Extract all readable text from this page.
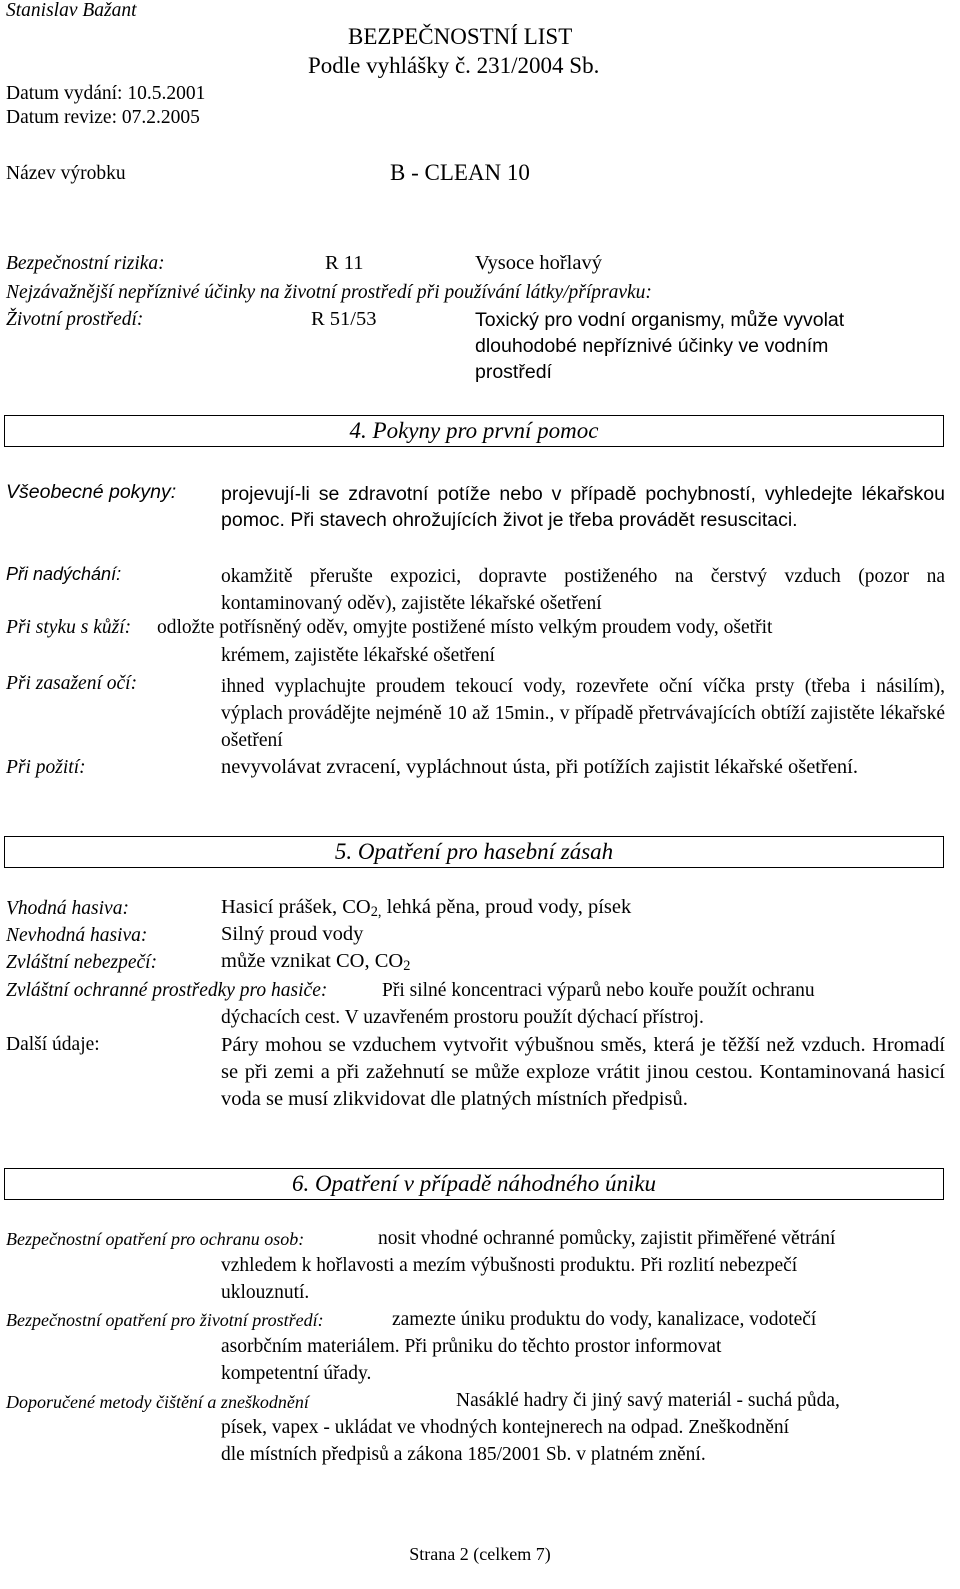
Stanislav Bažant
BEZPEČNOSTNÍ LIST
Podle vyhlášky č. 231/2004 Sb.
Datum vydání: 10.5.2001
Datum revize: 07.2.2005
Název výrobku	B - CLEAN 10
Bezpečnostní rizika:	R 11	Vysoce hořlavý
Nejzávažnější nepříznivé účinky na životní prostředí při používání látky/přípravku:
Životní prostředí:	R 51/53	Toxický pro vodní organismy, může vyvolat
dlouhodobé nepříznivé účinky ve vodním
prostředí
4. Pokyny pro první pomoc
Všeobecné pokyny: projevují-li se zdravotní potíže nebo v případě pochybností, vyhledejte lékařskou pomoc. Při stavech ohrožujících život je třeba provádět resuscitaci.
Při nadýchání:	okamžitě přerušte expozici, dopravte postiženého na čerstvý vzduch (pozor na kontaminovaný oděv), zajistěte lékařské ošetření
Při styku s kůží: odložte potřísněný oděv, omyjte postižené místo velkým proudem vody, ošetřit
krémem, zajistěte lékařské ošetření
Při zasažení očí:	ihned vyplachujte proudem tekoucí vody, rozevřete oční víčka prsty (třeba i násilím), výplach provádějte nejméně 10 až 15min., v případě přetrvávajících obtíží zajistěte lékařské ošetření
Při požití:	nevyvolávat zvracení, vypláchnout ústa, při potížích zajistit lékařské ošetření.
5. Opatření pro hasební zásah
Vhodná hasiva:	Hasicí prášek, $CO_{2,}$ lehká pěna, proud vody, písek
Nevhodná hasiva:	Silný proud vody
Zvláštní nebezpečí:	může vznikat CO, $CO_2$
Zvláštní ochranné prostředky pro hasiče:	Při silné koncentraci výparů nebo kouře použít ochranu
dýchacích cest. V uzavřeném prostoru použít dýchací přístroj.
Další údaje:	Páry mohou se vzduchem vytvořit výbušnou směs, která je těžší než vzduch. Hromadí se při zemi a při zažehnutí se může exploze vrátit jinou cestou. Kontaminovaná hasicí voda se musí zlikvidovat dle platných místních předpisů.
6. Opatření v případě náhodného úniku
Bezpečnostní opatření pro ochranu osob:	nosit vhodné ochranné pomůcky, zajistit přiměřené větrání
vzhledem k hořlavosti a mezím výbušnosti produktu. Při rozlití nebezpečí
uklouznutí.
Bezpečnostní opatření pro životní prostředí:	zamezte úniku produktu do vody, kanalizace, vodotečí
asorbčním materiálem. Při průniku do těchto prostor informovat
kompetentní úřady.
Doporučené metody čištění a zneškodnění	Nasáklé hadry či jiný savý materiál - suchá půda,
písek, vapex - ukládat ve vhodných kontejnerech na odpad. Zneškodnění
dle místních předpisů a zákona 185/2001 Sb. v platném znění.
Strana 2 (celkem 7)
